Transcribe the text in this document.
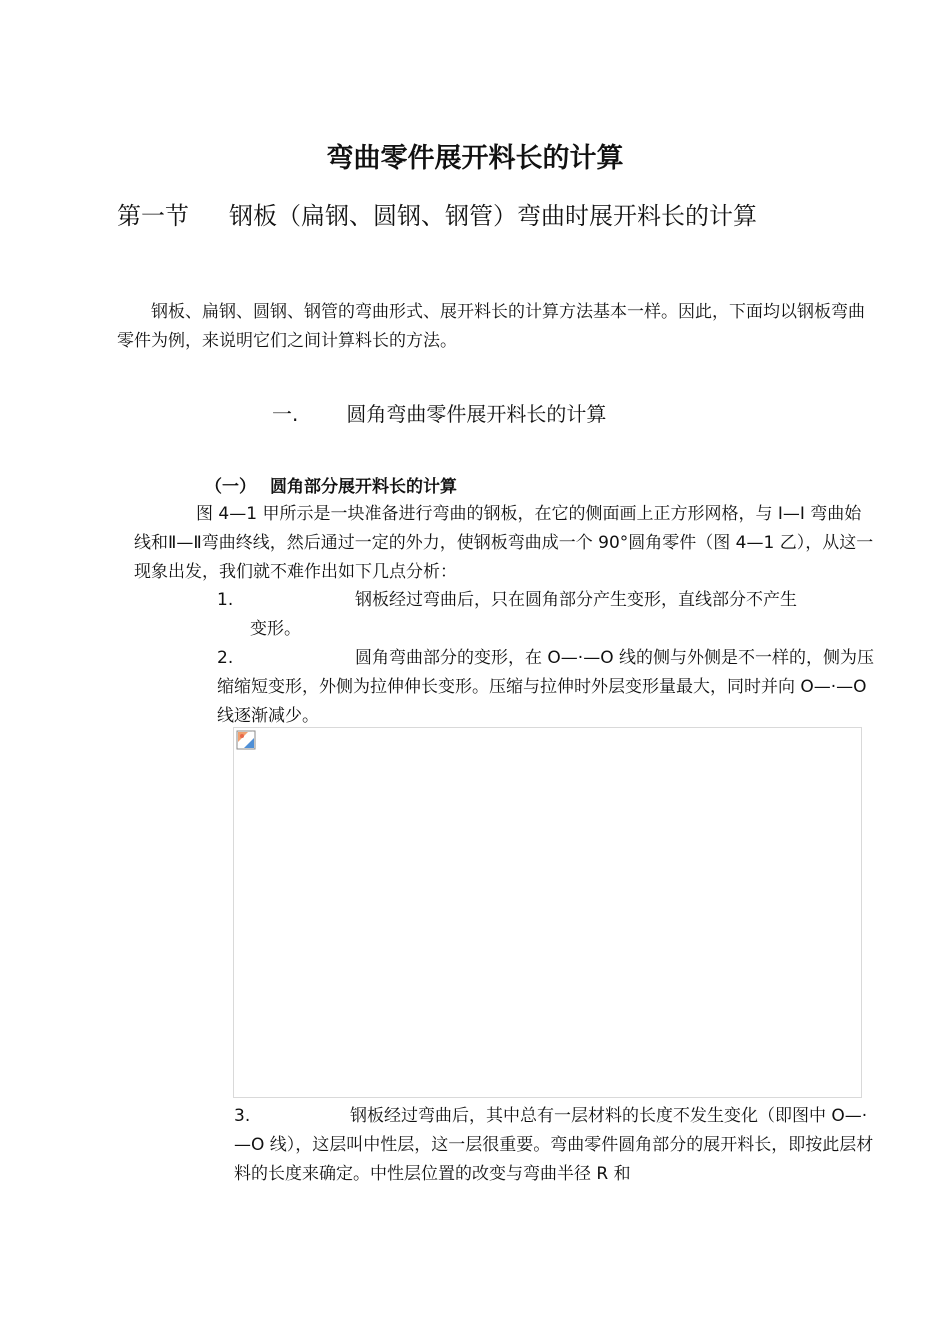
弯曲零件展开料长的计算
第一节 钢板（扁钢、圆钢、钢管）弯曲时展开料长的计算

　　钢板、扁钢、圆钢、钢管的弯曲形式、展开料长的计算方法基本一样。因此，下面均以钢板弯曲零件为例，来说明它们之间计算料长的方法。

一. 圆角弯曲零件展开料长的计算
（一） 圆角部分展开料长的计算

图 4—1 甲所示是一块准备进行弯曲的钢板，在它的侧面画上正方形网格，与 I—I 弯曲始线和Ⅱ—Ⅱ弯曲终线，然后通过一定的外力，使钢板弯曲成一个 90°圆角零件（图 4—1 乙），从这一现象出发，我们就不难作出如下几点分析：

1.	钢板经过弯曲后，只在圆角部分产生变形，直线部分不产生
变形。
2.	圆角弯曲部分的变形，在 O—·—O 线的侧与外侧是不一样的，侧为压缩缩短变形，外侧为拉伸伸长变形。压缩与拉伸时外层变形量最大，同时并向 O—·—O 线逐渐减少。
3.	钢板经过弯曲后，其中总有一层材料的长度不发生变化（即图中 O—·—O 线），这层叫中性层，这一层很重要。弯曲零件圆角部分的展开料长，即按此层材料的长度来确定。中性层位置的改变与弯曲半径 R 和
